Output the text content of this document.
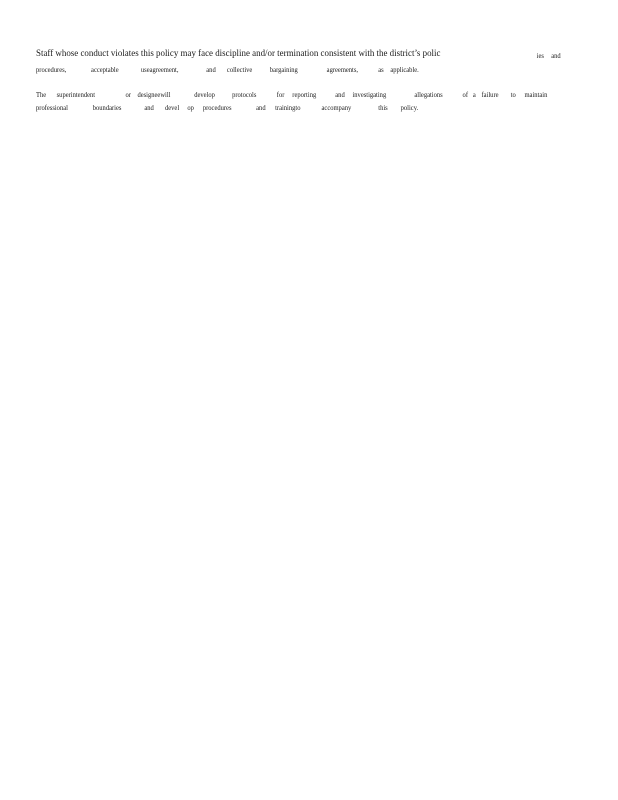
Staff whose conduct violates this policy may face discipline and/or termination consistent with the district’s polic	ies and
procedures,	acceptable	useagreement,	and collective bargaining	agreements,	as applicable.
The superintendent	or designeewill	develop protocols	for reporting	and investigating	allegations	of a failure to maintain
professional	boundaries	and devel op procedures	and trainingto	accompany	this policy.
